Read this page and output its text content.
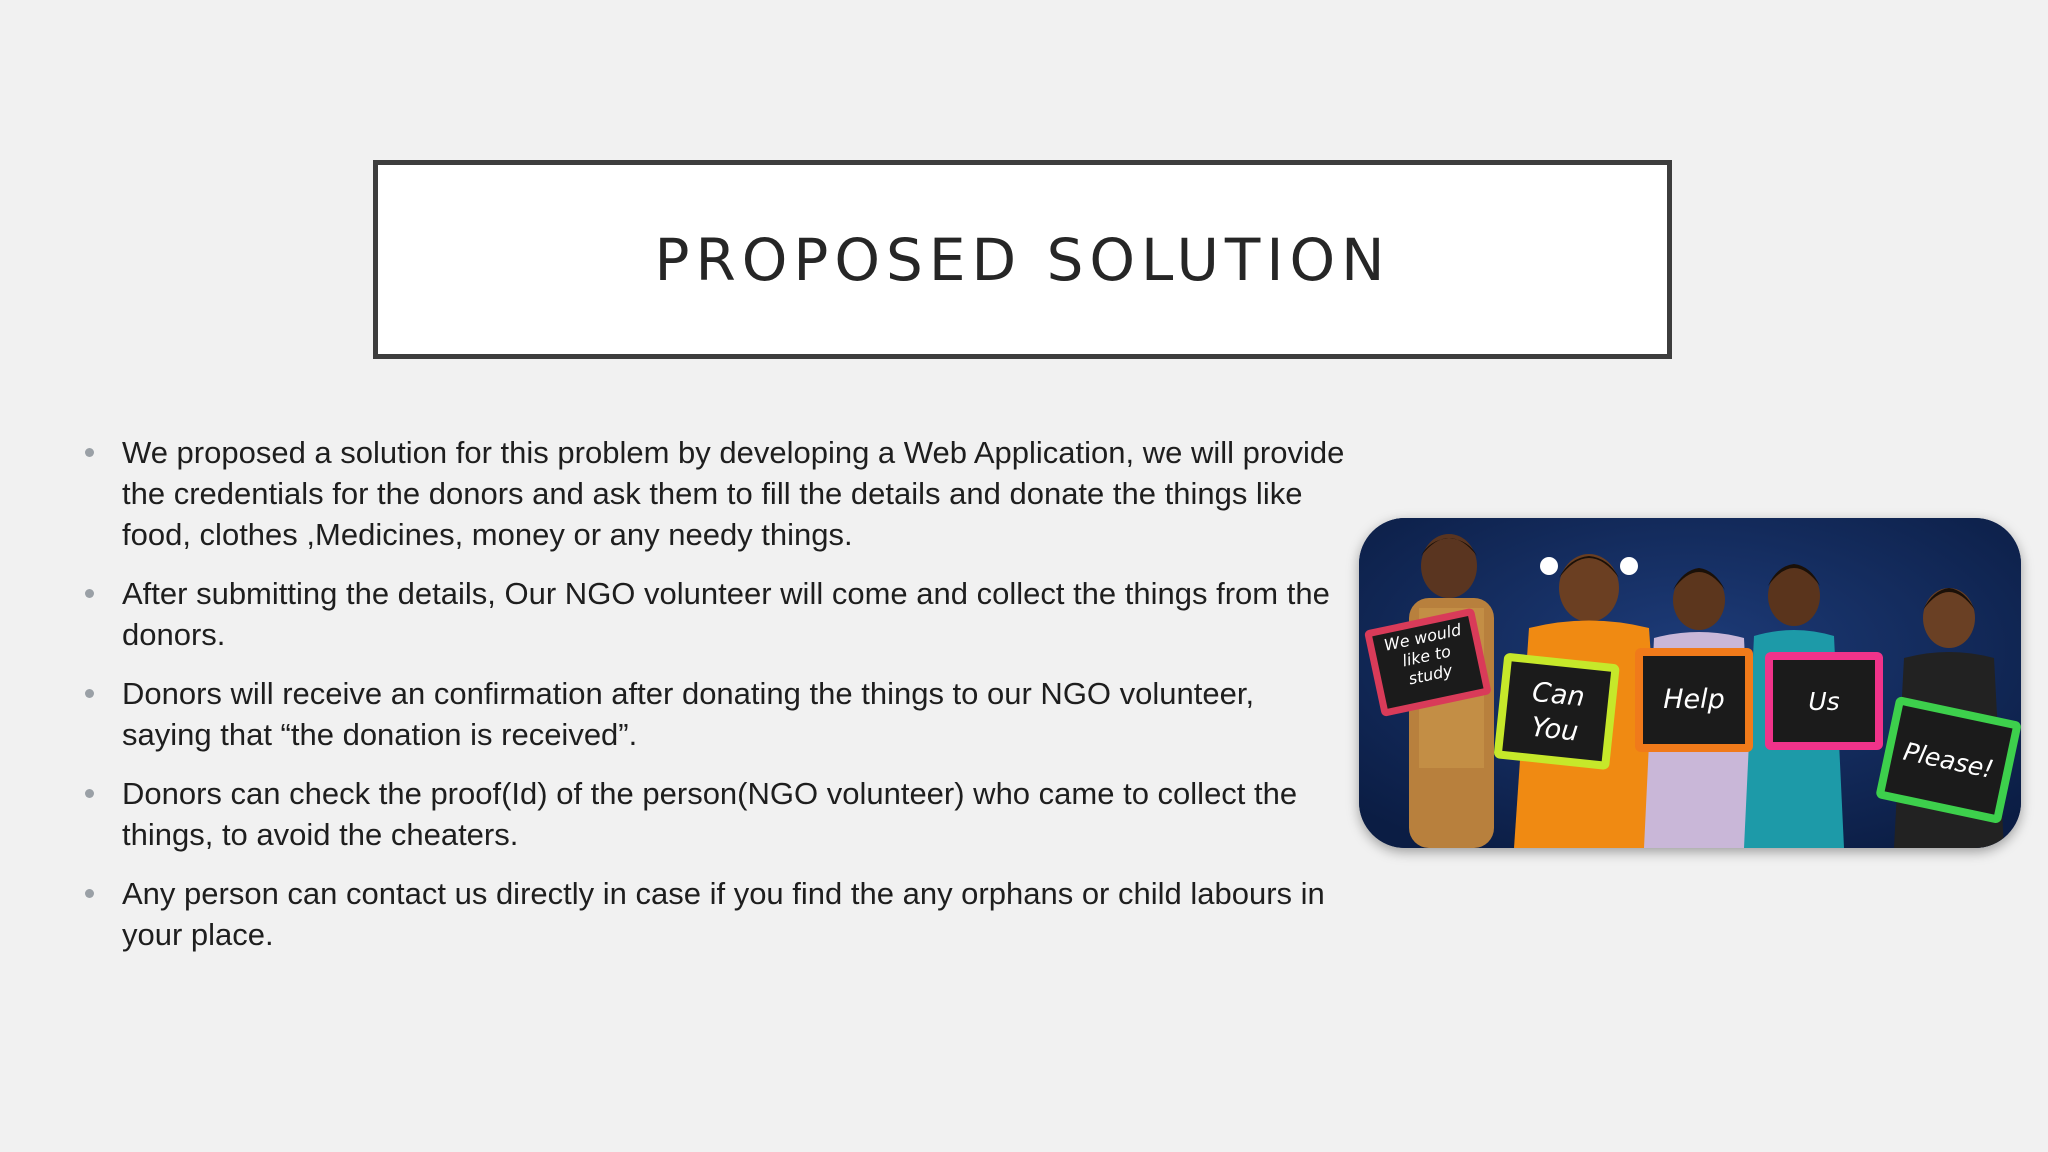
PROPOSED SOLUTION
We proposed a solution for this problem by developing a Web Application, we will provide the credentials for the donors and ask them to fill the details and donate the things like food, clothes ,Medicines, money or any needy things.
After submitting the details, Our NGO volunteer will come and collect the things from the donors.
Donors will receive an confirmation after donating the things to our NGO volunteer, saying that “the donation is received”.
Donors can check the proof(Id) of the person(NGO volunteer) who came to collect the things, to avoid the cheaters.
Any person can contact us directly in case if you find the any orphans or child labours in your place.
We would like to study
Can
You
Help	Us
Please!
